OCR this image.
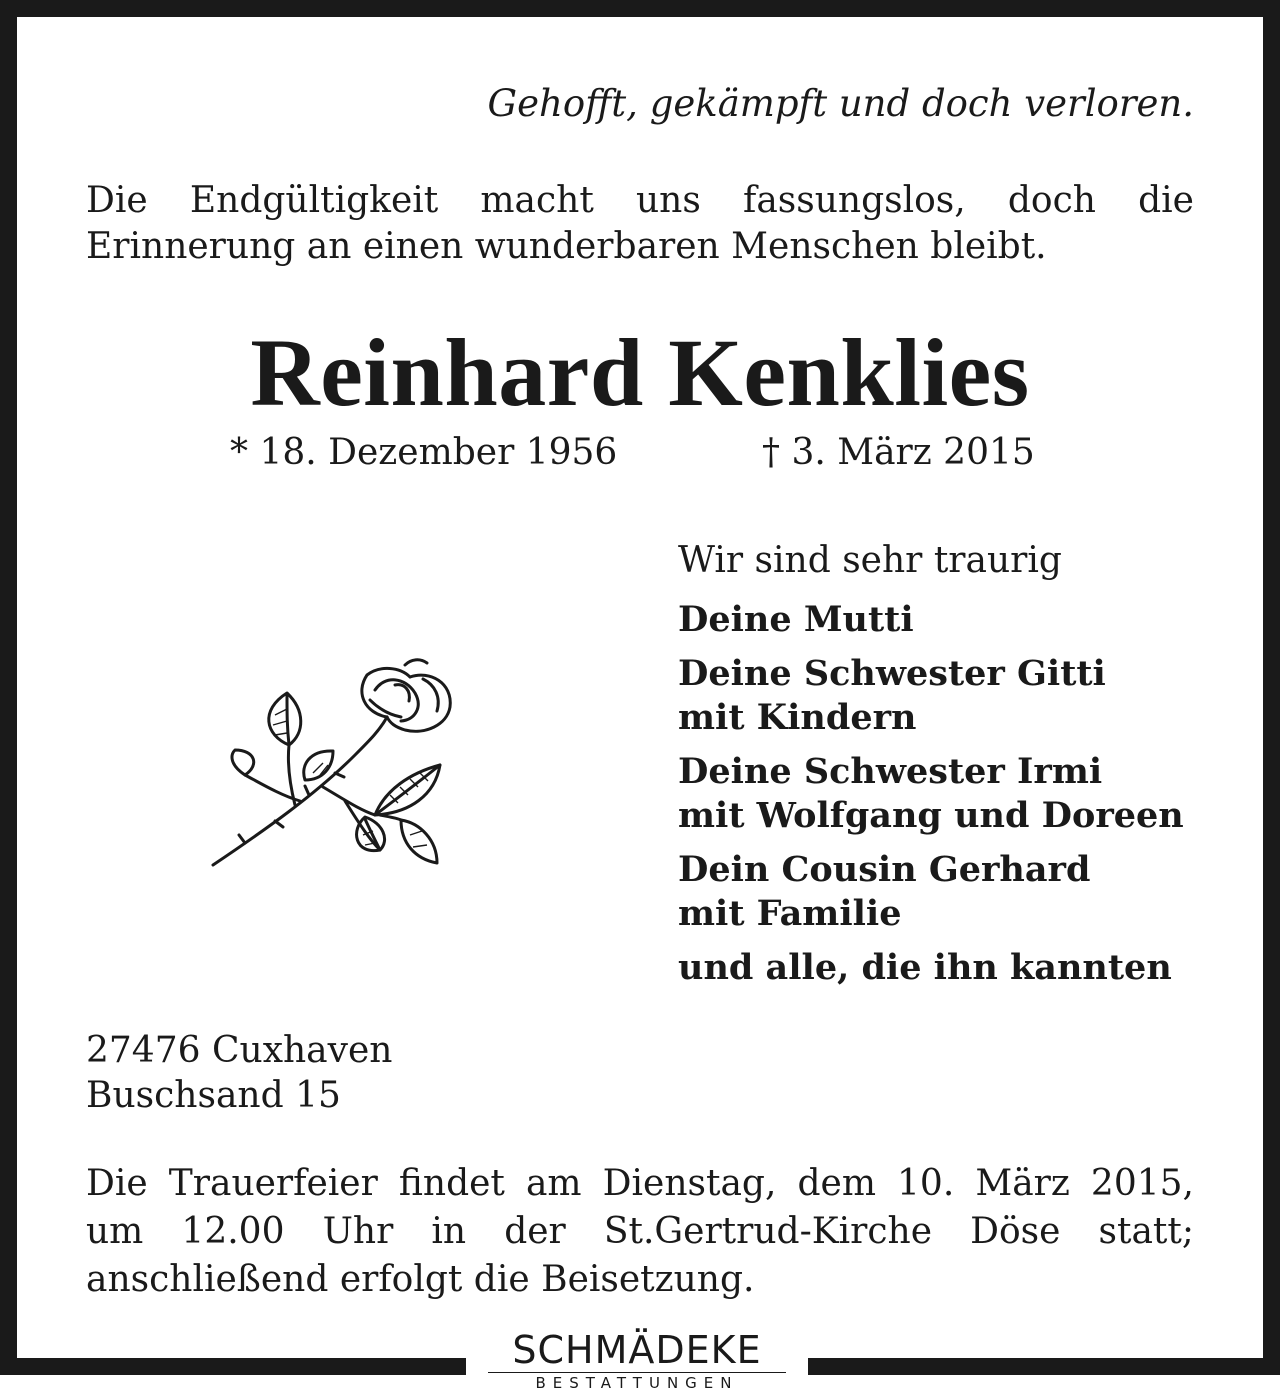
Gehofft, gekämpft und doch verloren.

Die Endgültigkeit macht uns fassungslos, doch die
Erinnerung an einen wunderbaren Menschen bleibt.

Reinhard Kenklies

* 18. Dezember 1956	† 3. März 2015

Wir sind sehr traurig
Deine Mutti
Deine Schwester Gitti
mit Kindern
Deine Schwester Irmi
mit Wolfgang und Doreen
Dein Cousin Gerhard
mit Familie
und alle, die ihn kannten

27476 Cuxhaven
Buschsand 15

Die Trauerfeier findet am Dienstag, dem 10. März 2015,
um 12.00 Uhr in der St.Gertrud-Kirche Döse statt;
anschließend erfolgt die Beisetzung.

SCHMÄDEKE
BESTATTUNGEN
